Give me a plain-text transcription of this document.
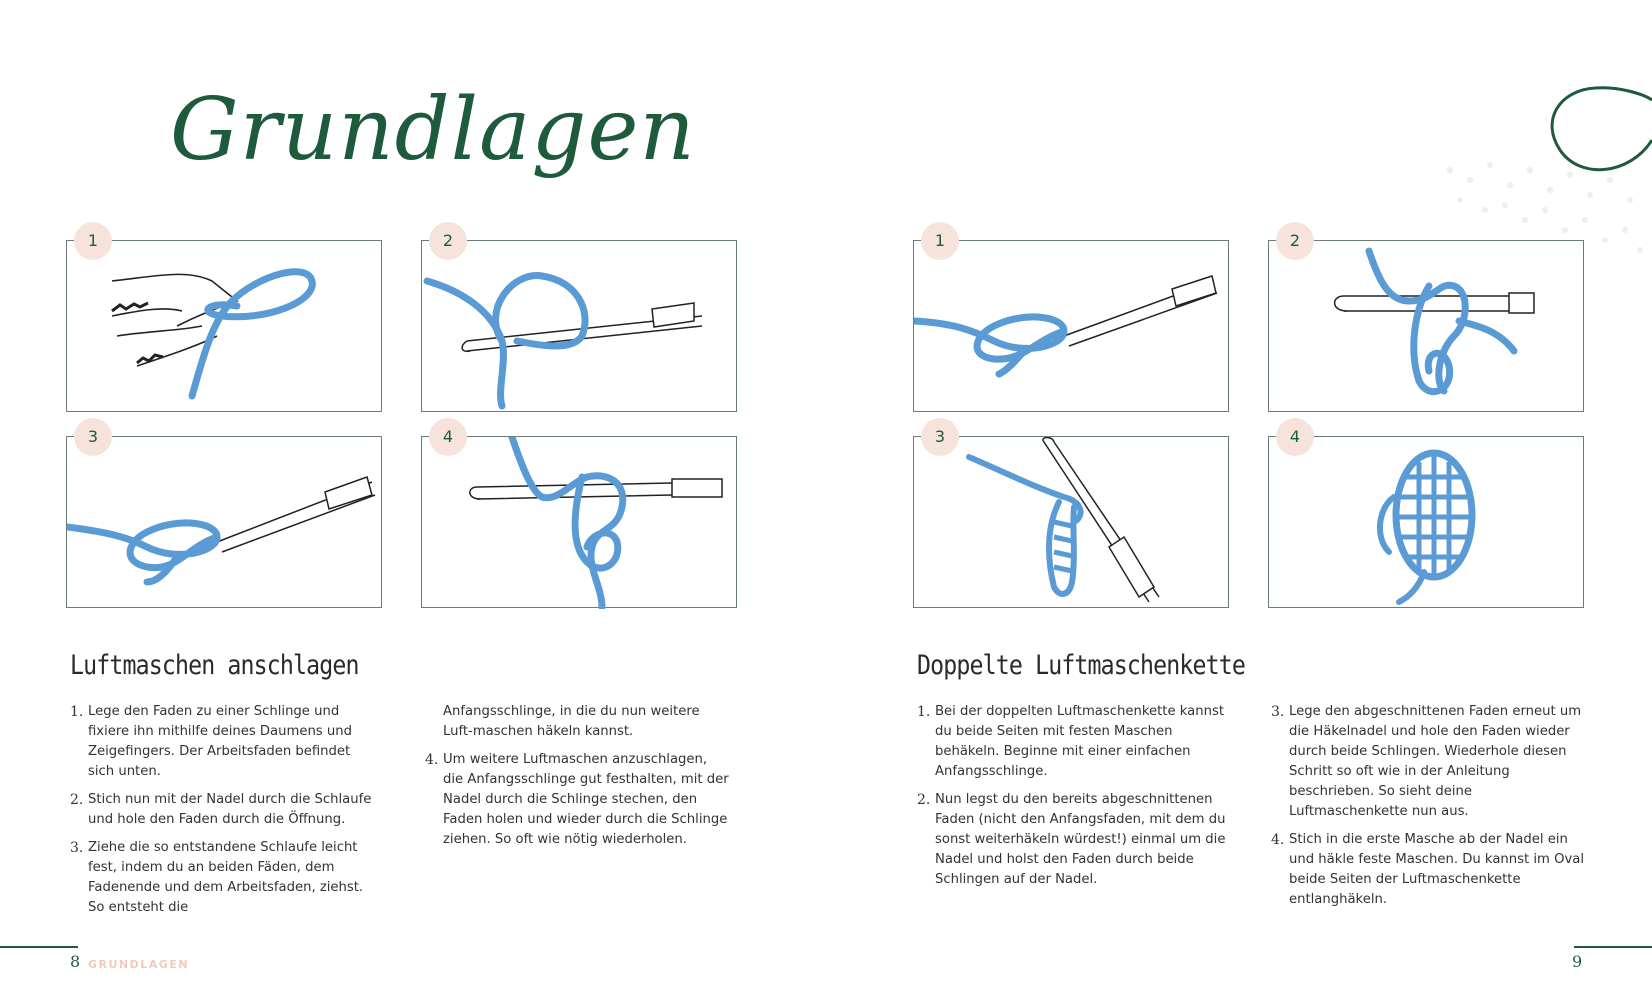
Grundlagen
1	2
3	4
Luftmaschen anschlagen
1. Lege den Faden zu einer Schlinge und fixiere ihn mithilfe deines Daumens und Zeigefingers. Der Arbeitsfaden befindet sich unten.
2. Stich nun mit der Nadel durch die Schlaufe und hole den Faden durch die Öffnung.
3. Ziehe die so entstandene Schlaufe leicht fest, indem du an beiden Fäden, dem Fadenende und dem Arbeitsfaden, ziehst. So entsteht die
Anfangsschlinge, in die du nun weitere Luft-maschen häkeln kannst.
4. Um weitere Luftmaschen anzuschlagen, die Anfangsschlinge gut festhalten, mit der Nadel durch die Schlinge stechen, den Faden holen und wieder durch die Schlinge ziehen. So oft wie nötig wiederholen.
1	2
3	4
Doppelte Luftmaschenkette
1. Bei der doppelten Luftmaschenkette kannst du beide Seiten mit festen Maschen behäkeln. Beginne mit einer einfachen Anfangsschlinge.
2. Nun legst du den bereits abgeschnittenen Faden (nicht den Anfangsfaden, mit dem du sonst weiterhäkeln würdest!) einmal um die Nadel und holst den Faden durch beide Schlingen auf der Nadel.
3. Lege den abgeschnittenen Faden erneut um die Häkelnadel und hole den Faden wieder durch beide Schlingen. Wiederhole diesen Schritt so oft wie in der Anleitung beschrieben. So sieht deine Luftmaschenkette nun aus.
4. Stich in die erste Masche ab der Nadel ein und häkle feste Maschen. Du kannst im Oval beide Seiten der Luftmaschenkette entlanghäkeln.
8 GRUNDLAGEN	9
